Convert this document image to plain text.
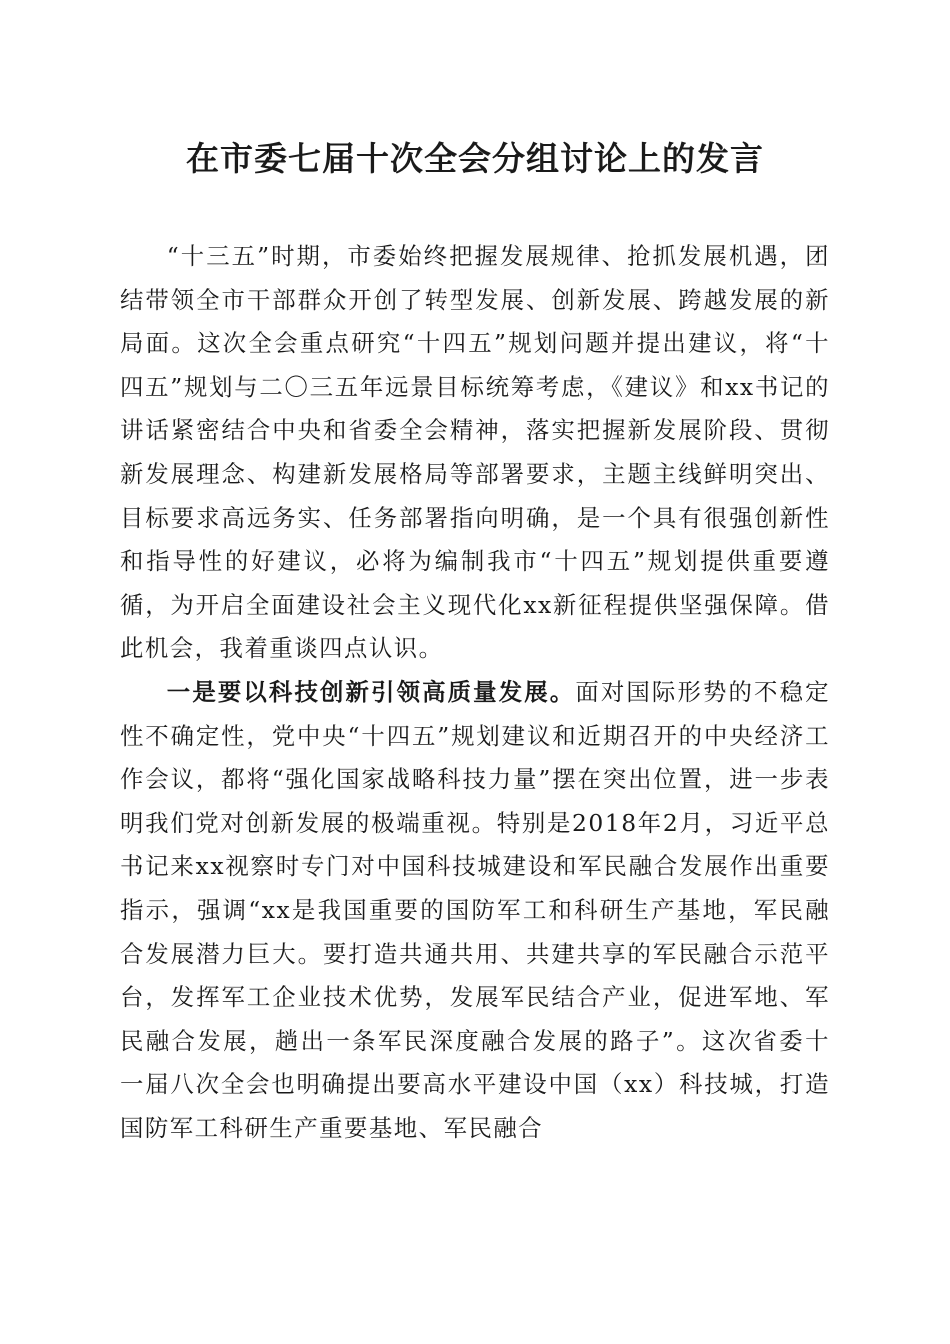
在市委七届十次全会分组讨论上的发言

“十三五”时期，市委始终把握发展规律、抢抓发展机遇，团结带领全市干部群众开创了转型发展、创新发展、跨越发展的新局面。这次全会重点研究“十四五”规划问题并提出建议，将“十四五”规划与二〇三五年远景目标统筹考虑，《建议》和xx书记的讲话紧密结合中央和省委全会精神，落实把握新发展阶段、贯彻新发展理念、构建新发展格局等部署要求，主题主线鲜明突出、目标要求高远务实、任务部署指向明确，是一个具有很强创新性和指导性的好建议，必将为编制我市“十四五”规划提供重要遵循，为开启全面建设社会主义现代化xx新征程提供坚强保障。借此机会，我着重谈四点认识。

一是要以科技创新引领高质量发展。面对国际形势的不稳定性不确定性，党中央“十四五”规划建议和近期召开的中央经济工作会议，都将“强化国家战略科技力量”摆在突出位置，进一步表明我们党对创新发展的极端重视。特别是2018年2月，习近平总书记来xx视察时专门对中国科技城建设和军民融合发展作出重要指示，强调“xx是我国重要的国防军工和科研生产基地，军民融合发展潜力巨大。要打造共通共用、共建共享的军民融合示范平台，发挥军工企业技术优势，发展军民结合产业，促进军地、军民融合发展，趟出一条军民深度融合发展的路子”。这次省委十一届八次全会也明确提出要高水平建设中国（xx）科技城，打造国防军工科研生产重要基地、军民融合
